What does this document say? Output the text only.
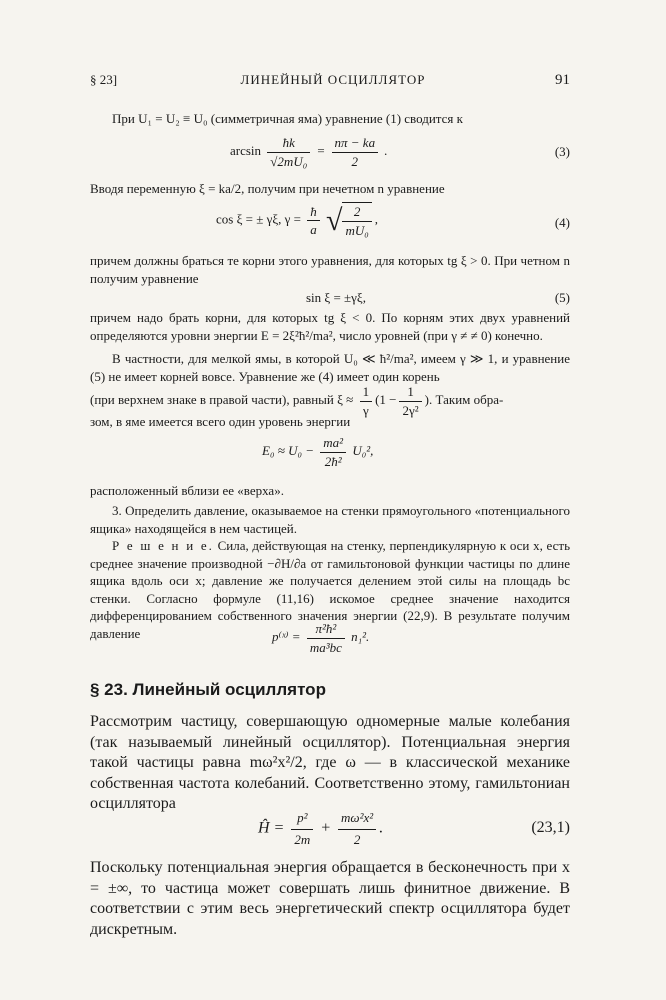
§ 23]	ЛИНЕЙНЫЙ ОСЦИЛЛЯТОР	91
При U₁ = U₂ ≡ U₀ (симметричная яма) уравнение (1) сводится к
$\arcsin \frac{ħk}{\text{√2mU₀}} = \frac{n\pi - ka}{2}$ .	(3)
Вводя переменную ξ = ka/2, получим при нечетном n уравнение
cos ξ = ± γξ, $\gamma = \frac{ħ}{a}$ √ $\frac{2}{\text{mU₀}}$ ,	(4)
причем должны браться те корни этого уравнения, для которых tg ξ > 0. При четном n получим уравнение
sin ξ = ±γξ,	(5)
причем надо брать корни, для которых tg ξ < 0. По корням этих двух уравнений определяются уровни энергии E = 2ξ²ħ²/ma², число уровней (при γ ≠ ≠ 0) конечно.
В частности, для мелкой ямы, в которой U₀ ≪ ħ²/ma², имеем γ ≫ 1, и уравнение (5) не имеет корней вовсе. Уравнение же (4) имеет один корень
(при верхнем знаке в правой части), равный $\xi \approx \frac{1}{\gamma} (1 - \frac{1}{\text{2γ²}}$ ). Таким обра-
зом, в яме имеется всего один уровень энергии
$E_0 \approx U_0 - \frac{\text{ma²}}{\text{2ħ²}} U_0^2$,
расположенный вблизи ее «верха».
3. Определить давление, оказываемое на стенки прямоугольного «потенциального ящика» находящейся в нем частицей.
Р е ш е н и е. Сила, действующая на стенку, перпендикулярную к оси x, есть среднее значение производной −∂H/∂a от гамильтоновой функции частицы по длине ящика вдоль оси x; давление же получается делением этой силы на площадь bc стенки. Согласно формуле (11,16) искомое среднее значение находится дифференцированием собственного значения энергии (22,9). В результате получим давление	p⁽ˣ⁾ = $\frac{\text{π²ħ²}}{\text{ma³bc}} n_1^2$.
§ 23. Линейный осциллятор
Рассмотрим частицу, совершающую одномерные малые колебания (так называемый линейный осциллятор). Потенциальная энергия такой частицы равна mω²x²/2, где ω — в классической механике собственная частота колебаний. Соответственно этому, гамильтониан осциллятора
Ĥ = $\frac{\text{p²}}{2m} + \frac{\text{mω²x²}}{2}$ .	(23,1)
Поскольку потенциальная энергия обращается в бесконечность при x = ±∞, то частица может совершать лишь финитное движение. В соответствии с этим весь энергетический спектр осциллятора будет дискретным.
